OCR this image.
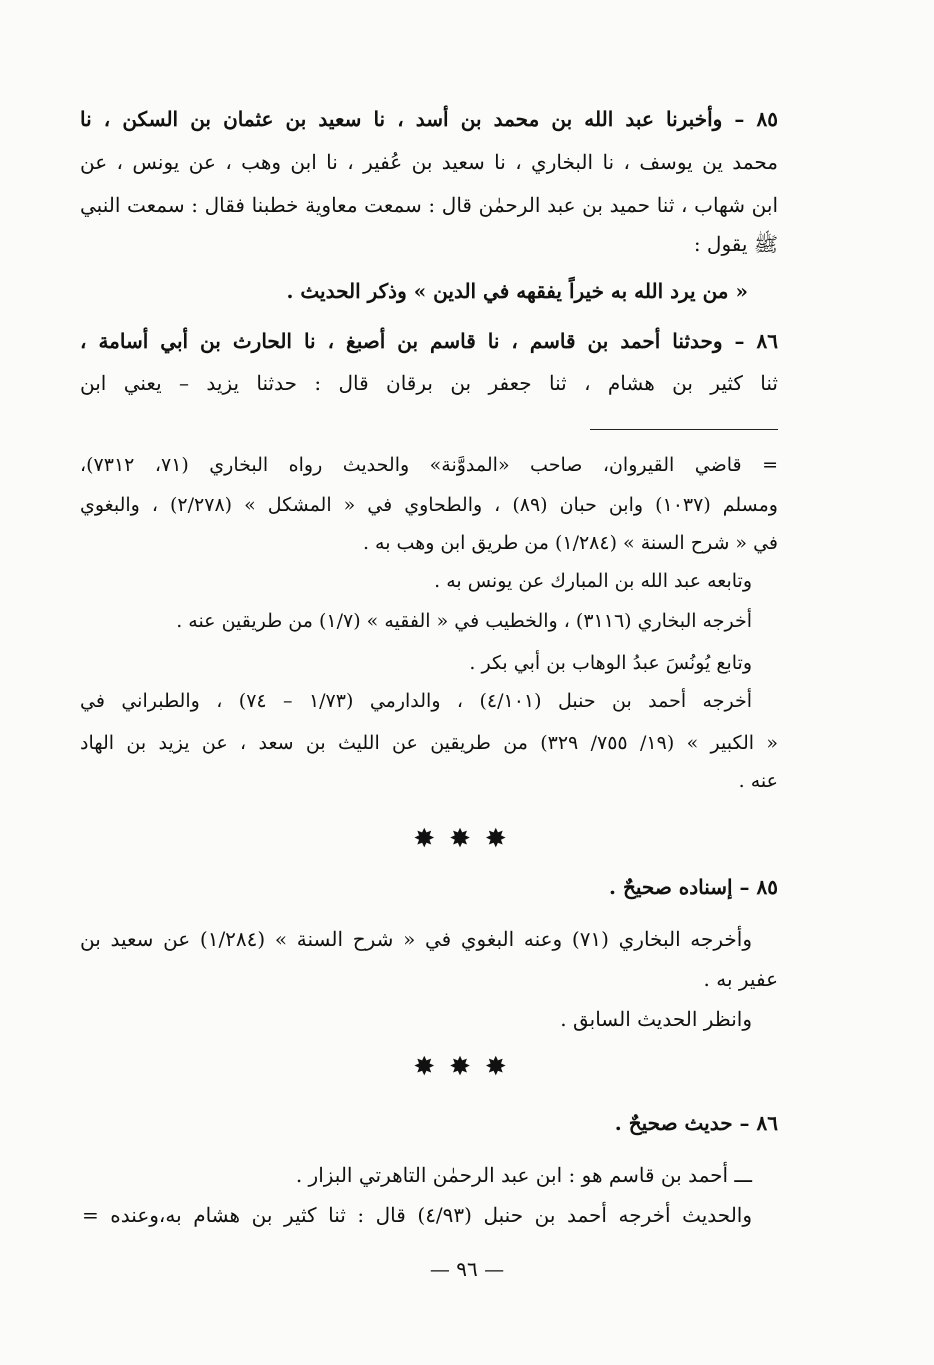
٨٥ – وأخبرنا عبد الله بن محمد بن أسد ، نا سعيد بن عثمان بن السكن ، نا
محمد ين يوسف ، نا البخاري ، نا سعيد بن عُفير ، نا ابن وهب ، عن يونس ، عن
ابن شهاب ، ثنا حميد بن عبد الرحمٰن قال : سمعت معاوية خطبنا فقال : سمعت النبي
ﷺ يقول :
« من يرد الله به خيراً يفقهه في الدين » وذكر الحديث .
٨٦ – وحدثنا أحمد بن قاسم ، نا قاسم بن أصبغ ، نا الحارث بن أبي أسامة ،
ثنا كثير بن هشام ، ثنا جعفر بن برقان قال : حدثنا يزيد – يعني ابن
= قاضي القيروان، صاحب «المدوَّنة» والحديث رواه البخاري (٧١، ٧٣١٢)،
ومسلم (١٠٣٧) وابن حبان (٨٩) ، والطحاوي في « المشكل » (٢/٢٧٨) ، والبغوي
في « شرح السنة » (١/٢٨٤) من طريق ابن وهب به .
وتابعه عبد الله بن المبارك عن يونس به .
أخرجه البخاري (٣١١٦) ، والخطيب في « الفقيه » (١/٧) من طريقين عنه .
وتابع يُونُسَ عبدُ الوهاب بن أبي بكر .
أخرجه أحمد بن حنبل (٤/١٠١) ، والدارمي (١/٧٣ – ٧٤) ، والطبراني في
« الكبير » (١٩/ ٧٥٥/ ٣٢٩) من طريقين عن الليث بن سعد ، عن يزيد بن الهاد
عنه .
✸✸✸
٨٥ – إسناده صحيحٌ .
وأخرجه البخاري (٧١) وعنه البغوي في « شرح السنة » (١/٢٨٤) عن سعيد بن
عفير به .
وانظر الحديث السابق .
✸✸✸
٨٦ – حديث صحيحٌ .
ـــ أحمد بن قاسم هو : ابن عبد الرحمٰن التاهرتي البزار .
والحديث أخرجه أحمد بن حنبل (٤/٩٣) قال : ثنا كثير بن هشام به،وعنده =
— ٩٦ —
